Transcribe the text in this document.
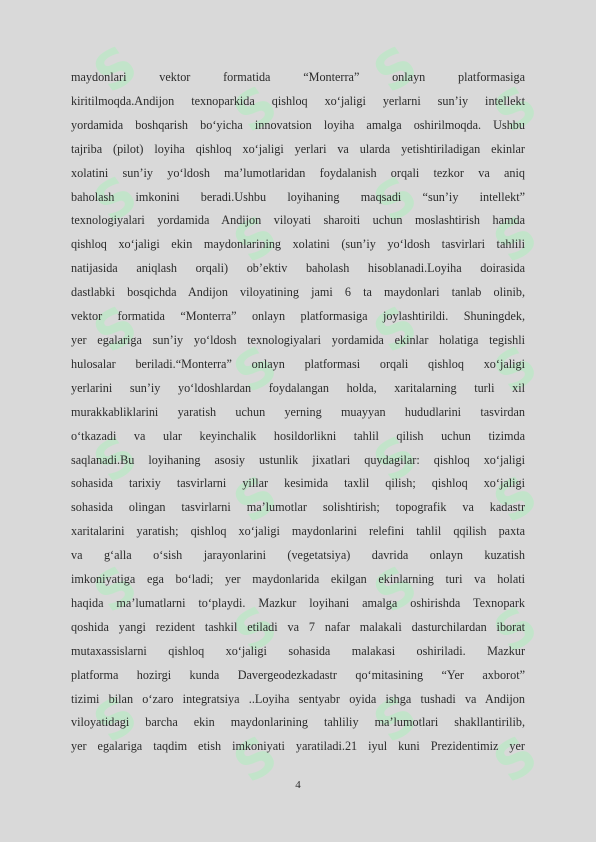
S
S
S
S
S
S
S
S
S
S
S
S
S
S
S
S
S
S
S
S
S
S
S
S

maydonlari vektor formatida “Monterra” onlayn platformasiga

kiritilmoqda.Andijon texnoparkida qishloq xo‘jaligi yerlarni sun’iy intellekt

yordamida boshqarish bo‘yicha innovatsion loyiha amalga oshirilmoqda. Ushbu

tajriba (pilot) loyiha qishloq xo‘jaligi yerlari va ularda yetishtiriladigan ekinlar

xolatini sun’iy yo‘ldosh ma’lumotlaridan foydalanish orqali tezkor va aniq

baholash imkonini beradi.Ushbu loyihaning maqsadi “sun’iy intellekt”

texnologiyalari yordamida Andijon viloyati sharoiti uchun moslashtirish hamda

qishloq xo‘jaligi ekin maydonlarining xolatini (sun’iy yo‘ldosh tasvirlari tahlili

natijasida aniqlash orqali) ob’ektiv baholash hisoblanadi.Loyiha doirasida

dastlabki bosqichda Andijon viloyatining jami 6 ta maydonlari tanlab olinib,

vektor formatida “Monterra” onlayn platformasiga joylashtirildi. Shuningdek,

yer egalariga sun’iy yo‘ldosh texnologiyalari yordamida ekinlar holatiga tegishli

hulosalar beriladi.“Monterra” onlayn platformasi orqali qishloq xo‘jaligi

yerlarini sun’iy yo‘ldoshlardan foydalangan holda, xaritalarning turli xil

murakkabliklarini yaratish uchun yerning muayyan hududlarini tasvirdan

o‘tkazadi va ular keyinchalik hosildorlikni tahlil qilish uchun tizimda

saqlanadi.Bu loyihaning asosiy ustunlik jixatlari quydagilar: qishloq xo‘jaligi

sohasida tarixiy tasvirlarni yillar kesimida taxlil qilish; qishloq xo‘jaligi

sohasida olingan tasvirlarni ma’lumotlar solishtirish; topografik va kadastr

xaritalarini yaratish; qishloq xo‘jaligi maydonlarini relefini tahlil qqilish paxta

va g‘alla o‘sish jarayonlarini (vegetatsiya) davrida onlayn kuzatish

imkoniyatiga ega bo‘ladi; yer maydonlarida ekilgan ekinlarning turi va holati

haqida ma’lumatlarni to‘playdi. Mazkur loyihani amalga oshirishda Texnopark

qoshida yangi rezident tashkil etiladi va 7 nafar malakali dasturchilardan iborat

mutaxassislarni qishloq xo‘jaligi sohasida malakasi oshiriladi. Mazkur

platforma hozirgi kunda Davergeodezkadastr qo‘mitasining “Yer axborot”

tizimi bilan o‘zaro integratsiya ..Loyiha sentyabr oyida ishga tushadi va Andijon

viloyatidagi barcha ekin maydonlarining tahliliy ma’lumotlari shakllantirilib,

yer egalariga taqdim etish imkoniyati yaratiladi.21 iyul kuni Prezidentimiz yer

4
